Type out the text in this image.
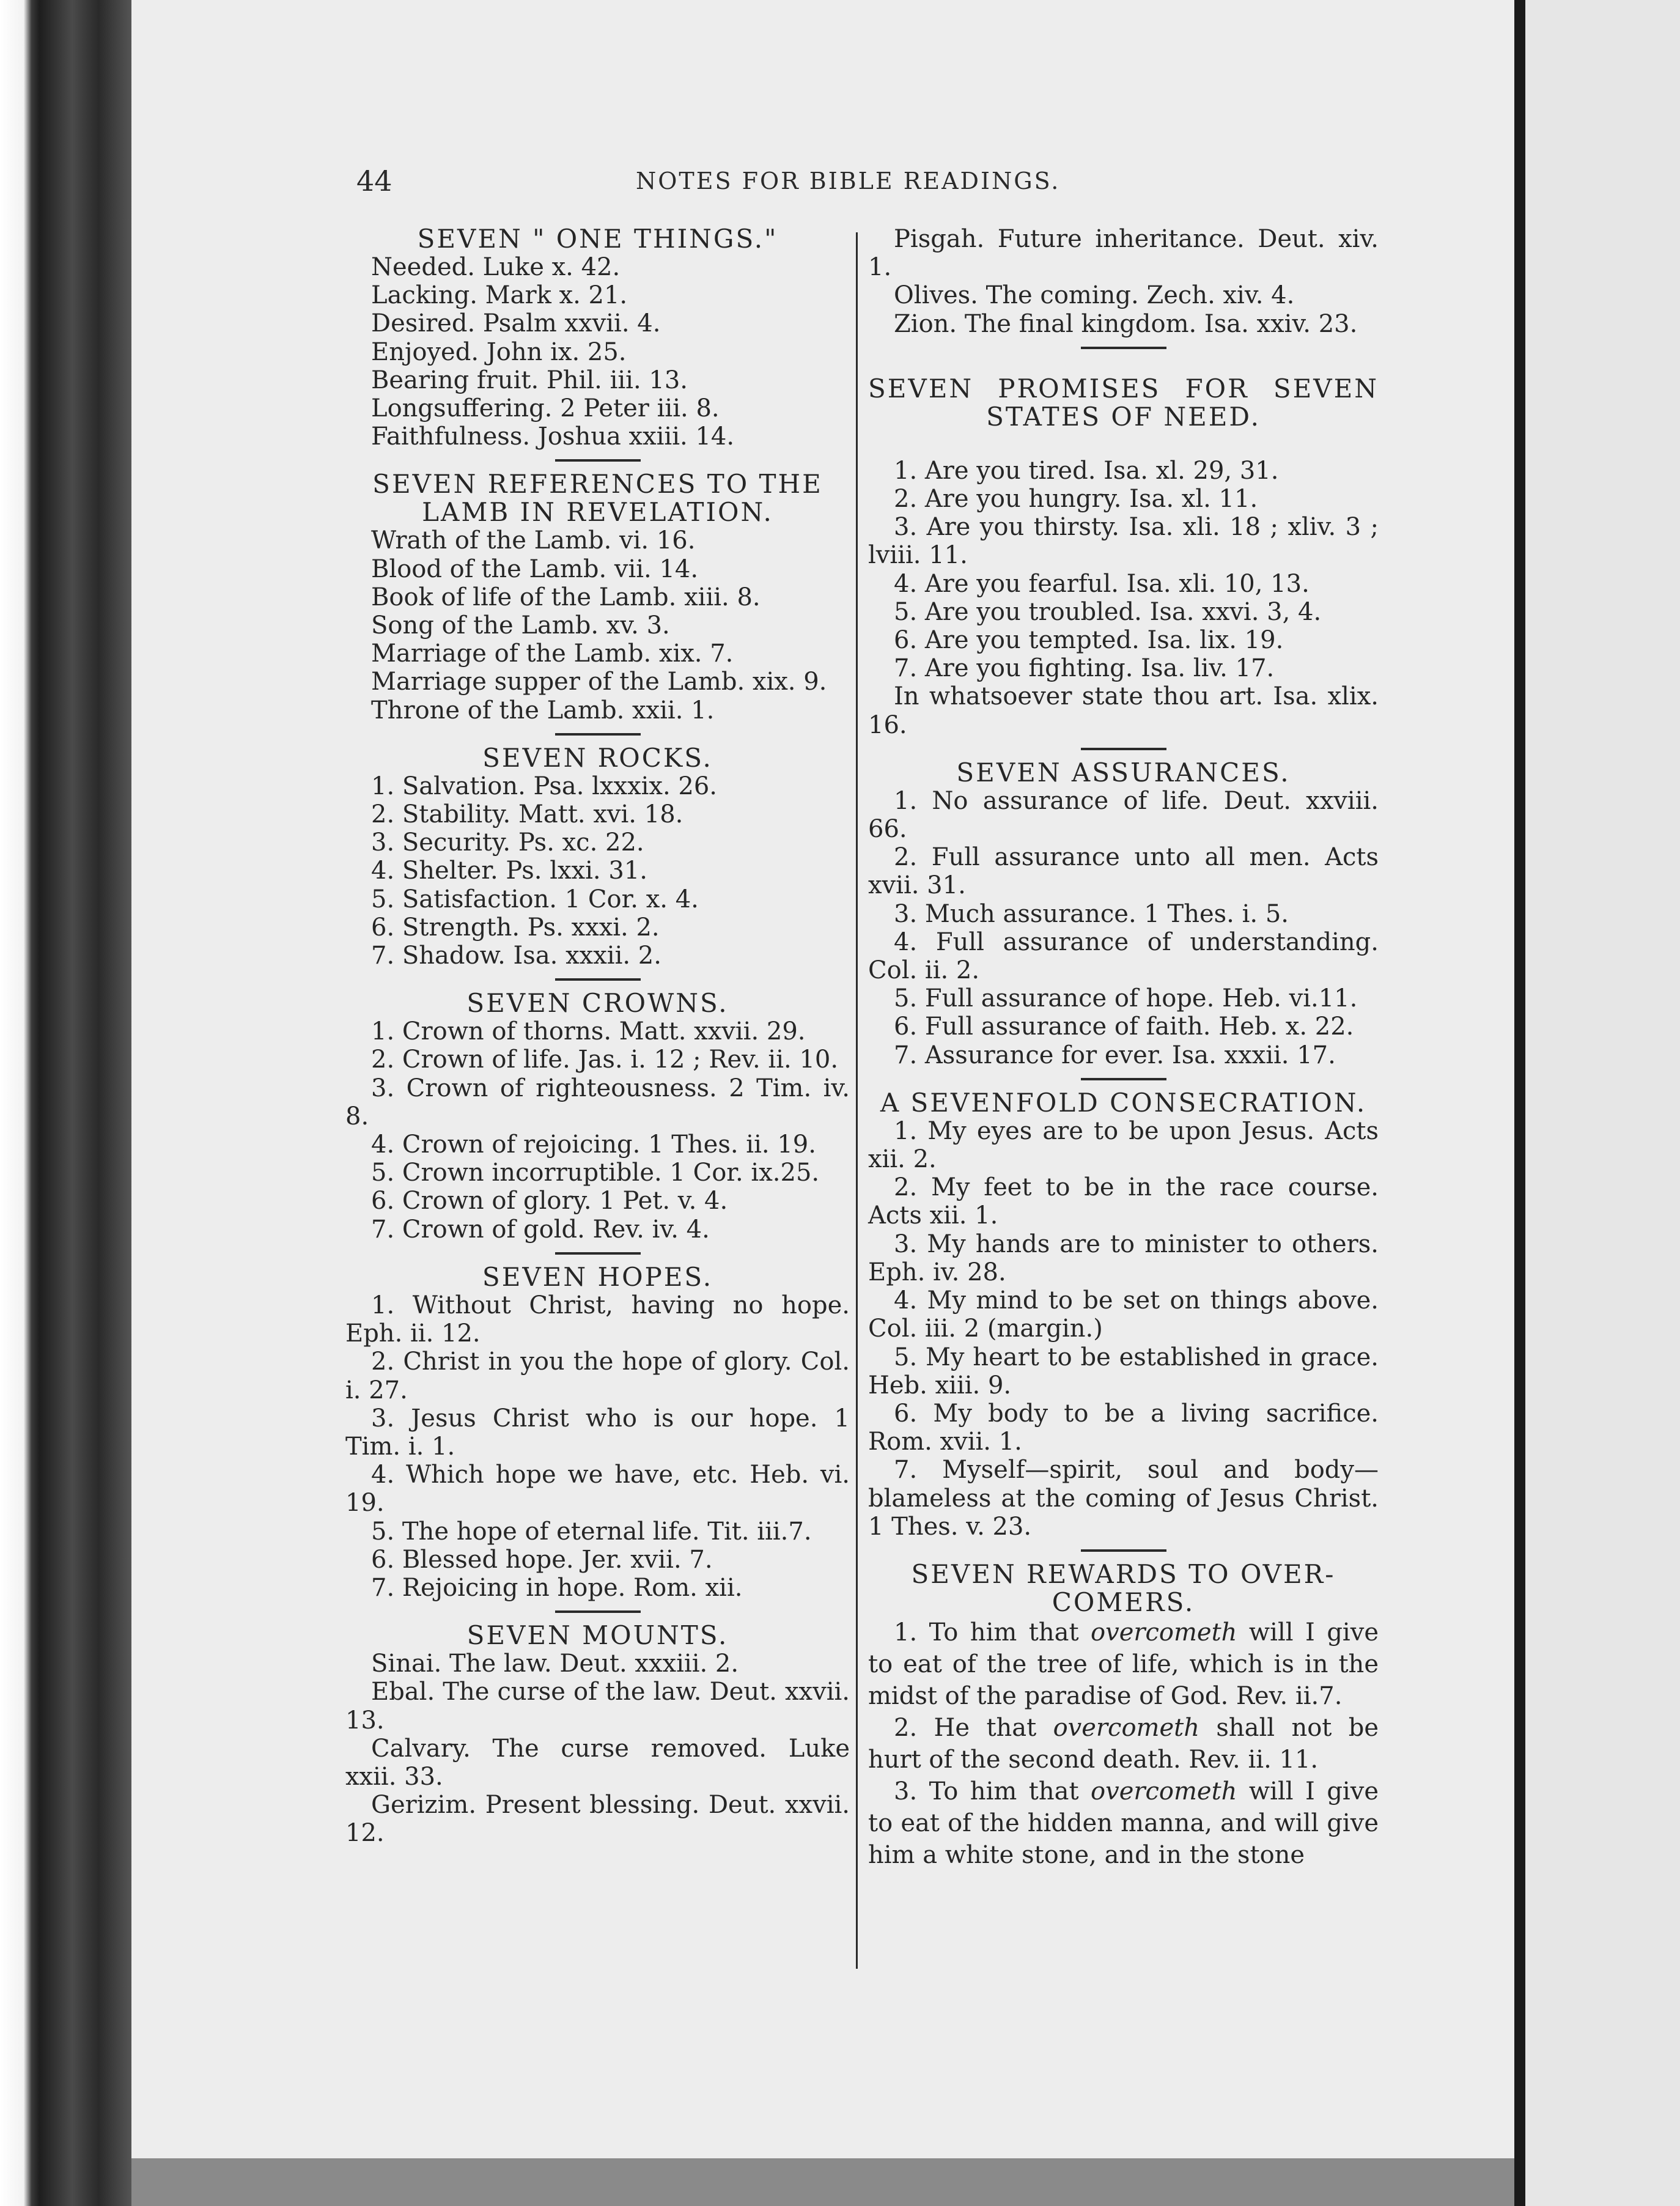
44	NOTES FOR BIBLE READINGS.

SEVEN " ONE THINGS."

Needed. Luke x. 42.

Lacking. Mark x. 21.

Desired. Psalm xxvii. 4.

Enjoyed. John ix. 25.

Bearing fruit. Phil. iii. 13.

Longsuffering. 2 Peter iii. 8.

Faithfulness. Joshua xxiii. 14.

SEVEN REFERENCES TO THE LAMB IN REVELATION.

Wrath of the Lamb. vi. 16.

Blood of the Lamb. vii. 14.

Book of life of the Lamb. xiii. 8.

Song of the Lamb. xv. 3.

Marriage of the Lamb. xix. 7.

Marriage supper of the Lamb. xix. 9.

Throne of the Lamb. xxii. 1.

SEVEN ROCKS.

1. Salvation. Psa. lxxxix. 26.

2. Stability. Matt. xvi. 18.

3. Security. Ps. xc. 22.

4. Shelter. Ps. lxxi. 31.

5. Satisfaction. 1 Cor. x. 4.

6. Strength. Ps. xxxi. 2.

7. Shadow. Isa. xxxii. 2.

SEVEN CROWNS.

1. Crown of thorns. Matt. xxvii. 29.

2. Crown of life. Jas. i. 12 ; Rev. ii. 10.

3. Crown of righteousness. 2 Tim. iv. 8.

4. Crown of rejoicing. 1 Thes. ii. 19.

5. Crown incorruptible. 1 Cor. ix.25.

6. Crown of glory. 1 Pet. v. 4.

7. Crown of gold. Rev. iv. 4.

SEVEN HOPES.

1. Without Christ, having no hope. Eph. ii. 12.

2. Christ in you the hope of glory. Col. i. 27.

3. Jesus Christ who is our hope. 1 Tim. i. 1.

4. Which hope we have, etc. Heb. vi. 19.

5. The hope of eternal life. Tit. iii.7.

6. Blessed hope. Jer. xvii. 7.

7. Rejoicing in hope. Rom. xii.

SEVEN MOUNTS.

Sinai. The law. Deut. xxxiii. 2.

Ebal. The curse of the law. Deut. xxvii. 13.

Calvary. The curse removed. Luke xxii. 33.

Gerizim. Present blessing. Deut. xxvii. 12.

Pisgah. Future inheritance. Deut. xiv. 1.

Olives. The coming. Zech. xiv. 4.

Zion. The final kingdom. Isa. xxiv. 23.

SEVEN PROMISES FOR SEVEN STATES OF NEED.

1. Are you tired. Isa. xl. 29, 31.

2. Are you hungry. Isa. xl. 11.

3. Are you thirsty. Isa. xli. 18 ; xliv. 3 ; lviii. 11.

4. Are you fearful. Isa. xli. 10, 13.

5. Are you troubled. Isa. xxvi. 3, 4.

6. Are you tempted. Isa. lix. 19.

7. Are you fighting. Isa. liv. 17.

In whatsoever state thou art. Isa. xlix. 16.

SEVEN ASSURANCES.

1. No assurance of life. Deut. xxviii. 66.

2. Full assurance unto all men. Acts xvii. 31.

3. Much assurance. 1 Thes. i. 5.

4. Full assurance of understanding. Col. ii. 2.

5. Full assurance of hope. Heb. vi.11.

6. Full assurance of faith. Heb. x. 22.

7. Assurance for ever. Isa. xxxii. 17.

A SEVENFOLD CONSECRATION.

1. My eyes are to be upon Jesus. Acts xii. 2.

2. My feet to be in the race course. Acts xii. 1.

3. My hands are to minister to others. Eph. iv. 28.

4. My mind to be set on things above. Col. iii. 2 (margin.)

5. My heart to be established in grace. Heb. xiii. 9.

6. My body to be a living sacrifice. Rom. xvii. 1.

7. Myself—spirit, soul and body—blameless at the coming of Jesus Christ. 1 Thes. v. 23.

SEVEN REWARDS TO OVER-
COMERS.

1. To him that overcometh will I give to eat of the tree of life, which is in the midst of the paradise of God. Rev. ii.7.

2. He that overcometh shall not be hurt of the second death. Rev. ii. 11.

3. To him that overcometh will I give to eat of the hidden manna, and will give him a white stone, and in the stone
